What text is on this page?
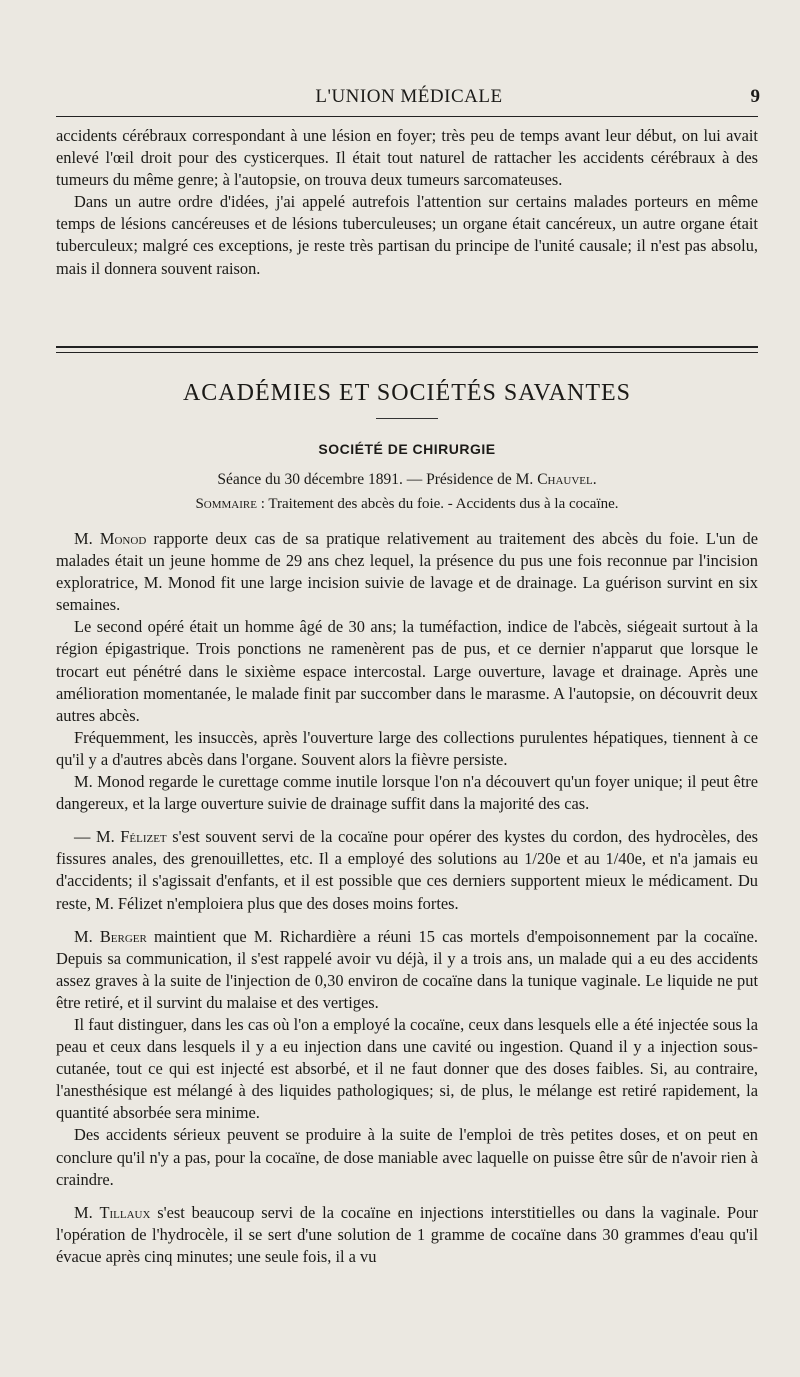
L'UNION MÉDICALE	9

accidents cérébraux correspondant à une lésion en foyer; très peu de temps avant leur début, on lui avait enlevé l'œil droit pour des cysticerques. Il était tout naturel de rattacher les accidents cérébraux à des tumeurs du même genre; à l'autopsie, on trouva deux tumeurs sarcomateuses.

Dans un autre ordre d'idées, j'ai appelé autrefois l'attention sur certains malades porteurs en même temps de lésions cancéreuses et de lésions tuberculeuses; un organe était cancéreux, un autre organe était tuberculeux; malgré ces exceptions, je reste très partisan du principe de l'unité causale; il n'est pas absolu, mais il donnera souvent raison.

ACADÉMIES ET SOCIÉTÉS SAVANTES
SOCIÉTÉ DE CHIRURGIE
Séance du 30 décembre 1891. — Présidence de M. Chauvel.
Sommaire : Traitement des abcès du foie. - Accidents dus à la cocaïne.

M. Monod rapporte deux cas de sa pratique relativement au traitement des abcès du foie. L'un de malades était un jeune homme de 29 ans chez lequel, la présence du pus une fois reconnue par l'incision exploratrice, M. Monod fit une large incision suivie de lavage et de drainage. La guérison survint en six semaines.

Le second opéré était un homme âgé de 30 ans; la tuméfaction, indice de l'abcès, siégeait surtout à la région épigastrique. Trois ponctions ne ramenèrent pas de pus, et ce dernier n'apparut que lorsque le trocart eut pénétré dans le sixième espace intercostal. Large ouverture, lavage et drainage. Après une amélioration momentanée, le malade finit par succomber dans le marasme. A l'autopsie, on découvrit deux autres abcès.

Fréquemment, les insuccès, après l'ouverture large des collections purulentes hépatiques, tiennent à ce qu'il y a d'autres abcès dans l'organe. Souvent alors la fièvre persiste.

M. Monod regarde le curettage comme inutile lorsque l'on n'a découvert qu'un foyer unique; il peut être dangereux, et la large ouverture suivie de drainage suffit dans la majorité des cas.

— M. Félizet s'est souvent servi de la cocaïne pour opérer des kystes du cordon, des hydrocèles, des fissures anales, des grenouillettes, etc. Il a employé des solutions au 1/20e et au 1/40e, et n'a jamais eu d'accidents; il s'agissait d'enfants, et il est possible que ces derniers supportent mieux le médicament. Du reste, M. Félizet n'emploiera plus que des doses moins fortes.

M. Berger maintient que M. Richardière a réuni 15 cas mortels d'empoisonnement par la cocaïne. Depuis sa communication, il s'est rappelé avoir vu déjà, il y a trois ans, un malade qui a eu des accidents assez graves à la suite de l'injection de 0,30 environ de cocaïne dans la tunique vaginale. Le liquide ne put être retiré, et il survint du malaise et des vertiges.

Il faut distinguer, dans les cas où l'on a employé la cocaïne, ceux dans lesquels elle a été injectée sous la peau et ceux dans lesquels il y a eu injection dans une cavité ou ingestion. Quand il y a injection sous-cutanée, tout ce qui est injecté est absorbé, et il ne faut donner que des doses faibles. Si, au contraire, l'anesthésique est mélangé à des liquides pathologiques; si, de plus, le mélange est retiré rapidement, la quantité absorbée sera minime.

Des accidents sérieux peuvent se produire à la suite de l'emploi de très petites doses, et on peut en conclure qu'il n'y a pas, pour la cocaïne, de dose maniable avec laquelle on puisse être sûr de n'avoir rien à craindre.

M. Tillaux s'est beaucoup servi de la cocaïne en injections interstitielles ou dans la vaginale. Pour l'opération de l'hydrocèle, il se sert d'une solution de 1 gramme de cocaïne dans 30 grammes d'eau qu'il évacue après cinq minutes; une seule fois, il a vu
